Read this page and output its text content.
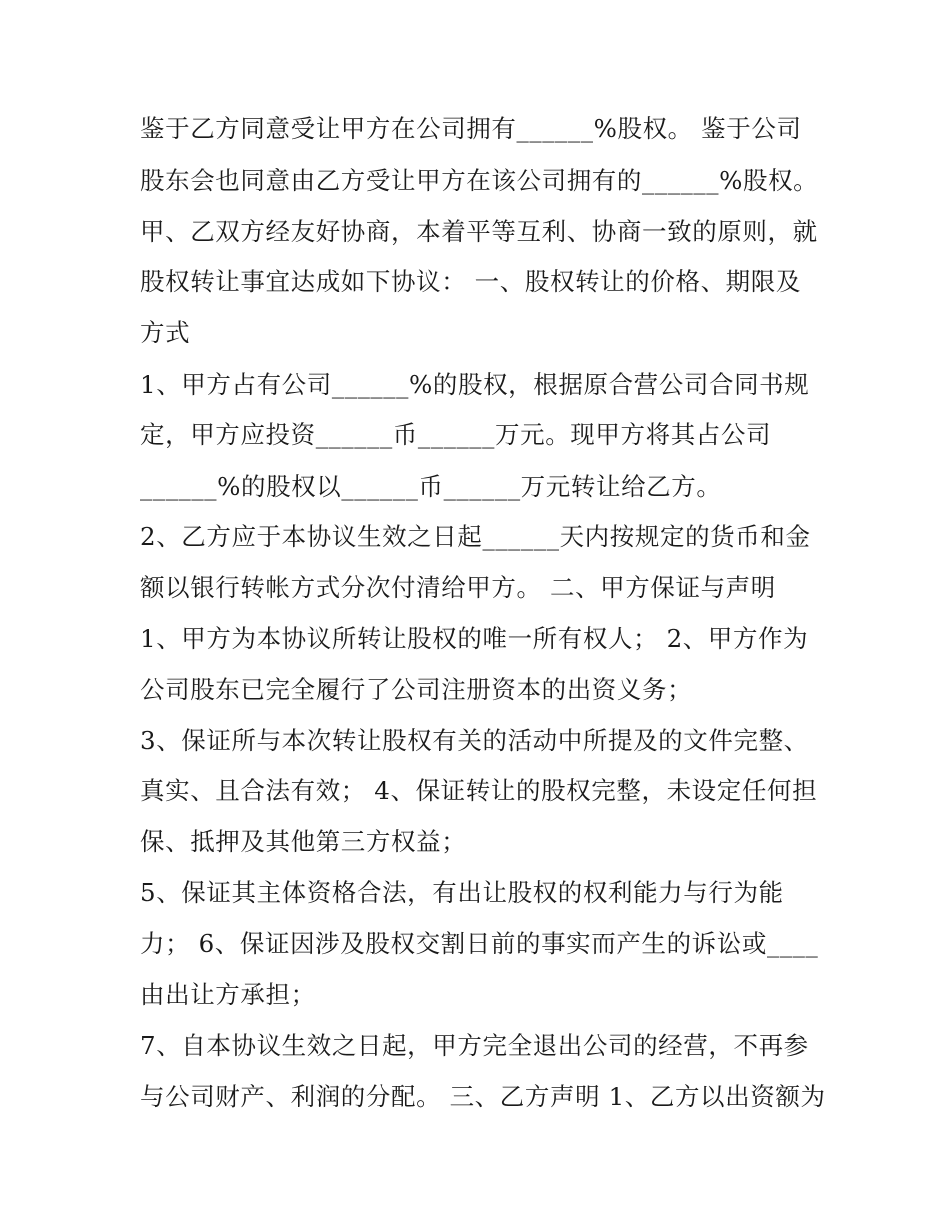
鉴于乙方同意受让甲方在公司拥有______%股权。 鉴于公司
股东会也同意由乙方受让甲方在该公司拥有的______%股权。
甲、乙双方经友好协商，本着平等互利、协商一致的原则，就
股权转让事宜达成如下协议： 一、股权转让的价格、期限及
方式
1、甲方占有公司______%的股权，根据原合营公司合同书规
定，甲方应投资______币______万元。现甲方将其占公司
______%的股权以______币______万元转让给乙方。
2、乙方应于本协议生效之日起______天内按规定的货币和金
额以银行转帐方式分次付清给甲方。 二、甲方保证与声明
1、甲方为本协议所转让股权的唯一所有权人； 2、甲方作为
公司股东已完全履行了公司注册资本的出资义务；
3、保证所与本次转让股权有关的活动中所提及的文件完整、
真实、且合法有效； 4、保证转让的股权完整，未设定任何担
保、抵押及其他第三方权益；
5、保证其主体资格合法，有出让股权的权利能力与行为能
力； 6、保证因涉及股权交割日前的事实而产生的诉讼或____
由出让方承担；
7、自本协议生效之日起，甲方完全退出公司的经营，不再参
与公司财产、利润的分配。 三、乙方声明 1、乙方以出资额为
